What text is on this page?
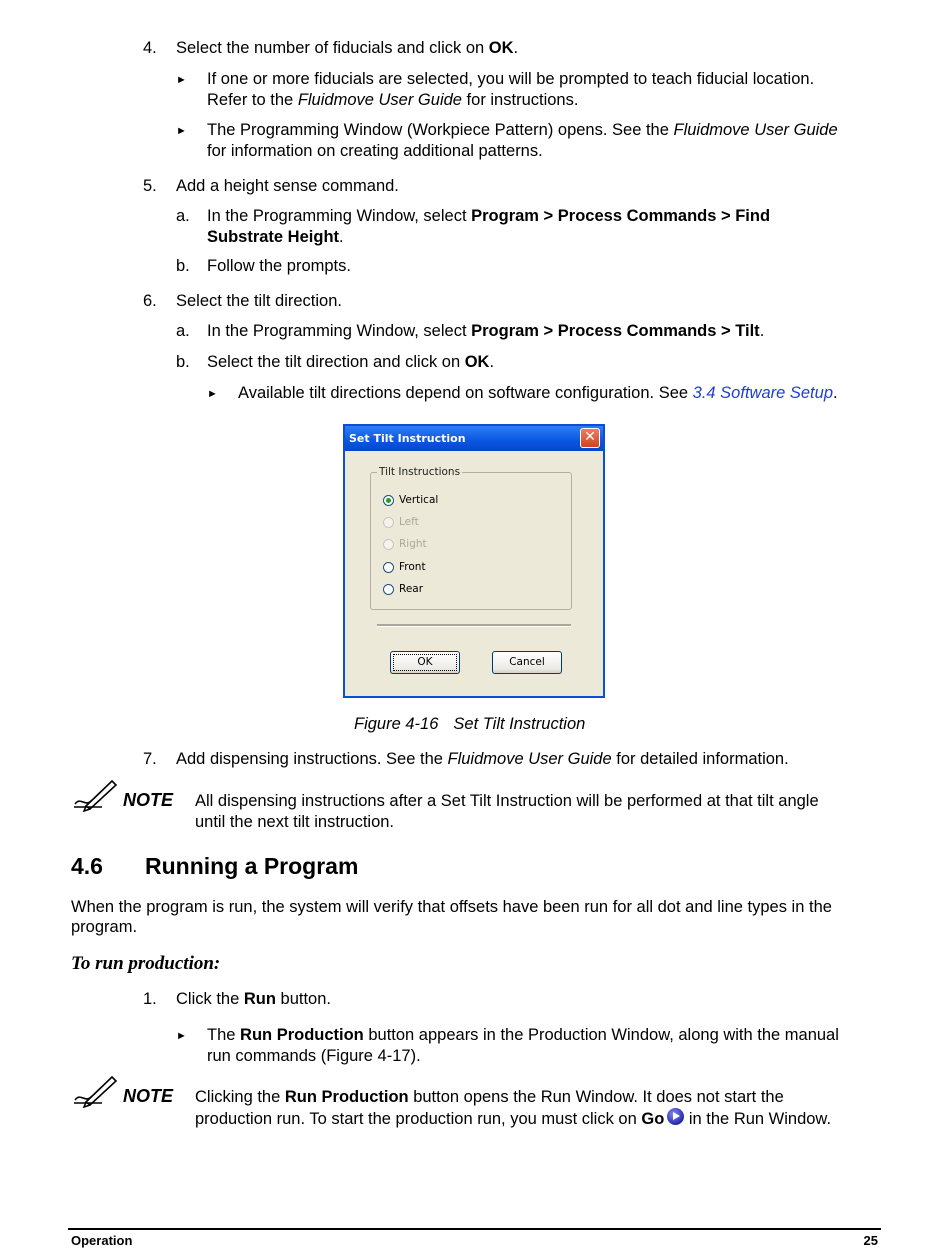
4. Select the number of fiducials and click on OK.
► If one or more fiducials are selected, you will be prompted to teach fiducial location.
Refer to the Fluidmove User Guide for instructions.
► The Programming Window (Workpiece Pattern) opens. See the Fluidmove User Guide
for information on creating additional patterns.
5. Add a height sense command.
a. In the Programming Window, select Program > Process Commands > Find
Substrate Height.
b. Follow the prompts.
6. Select the tilt direction.
a. In the Programming Window, select Program > Process Commands > Tilt.
b. Select the tilt direction and click on OK.
► Available tilt directions depend on software configuration. See 3.4 Software Setup.
Set Tilt Instruction	✕
Tilt Instructions
Vertical
Left
Right
Front
Rear
OK	Cancel
Figure 4-16 Set Tilt Instruction
7. Add dispensing instructions. See the Fluidmove User Guide for detailed information.
NOTE All dispensing instructions after a Set Tilt Instruction will be performed at that tilt angle
until the next tilt instruction.
4.6 Running a Program
When the program is run, the system will verify that offsets have been run for all dot and line types in the
program.
To run production:
1. Click the Run button.
► The Run Production button appears in the Production Window, along with the manual
run commands (Figure 4-17).
NOTE Clicking the Run Production button opens the Run Window. It does not start the
production run. To start the production run, you must click on Go in the Run Window.
Operation	25
